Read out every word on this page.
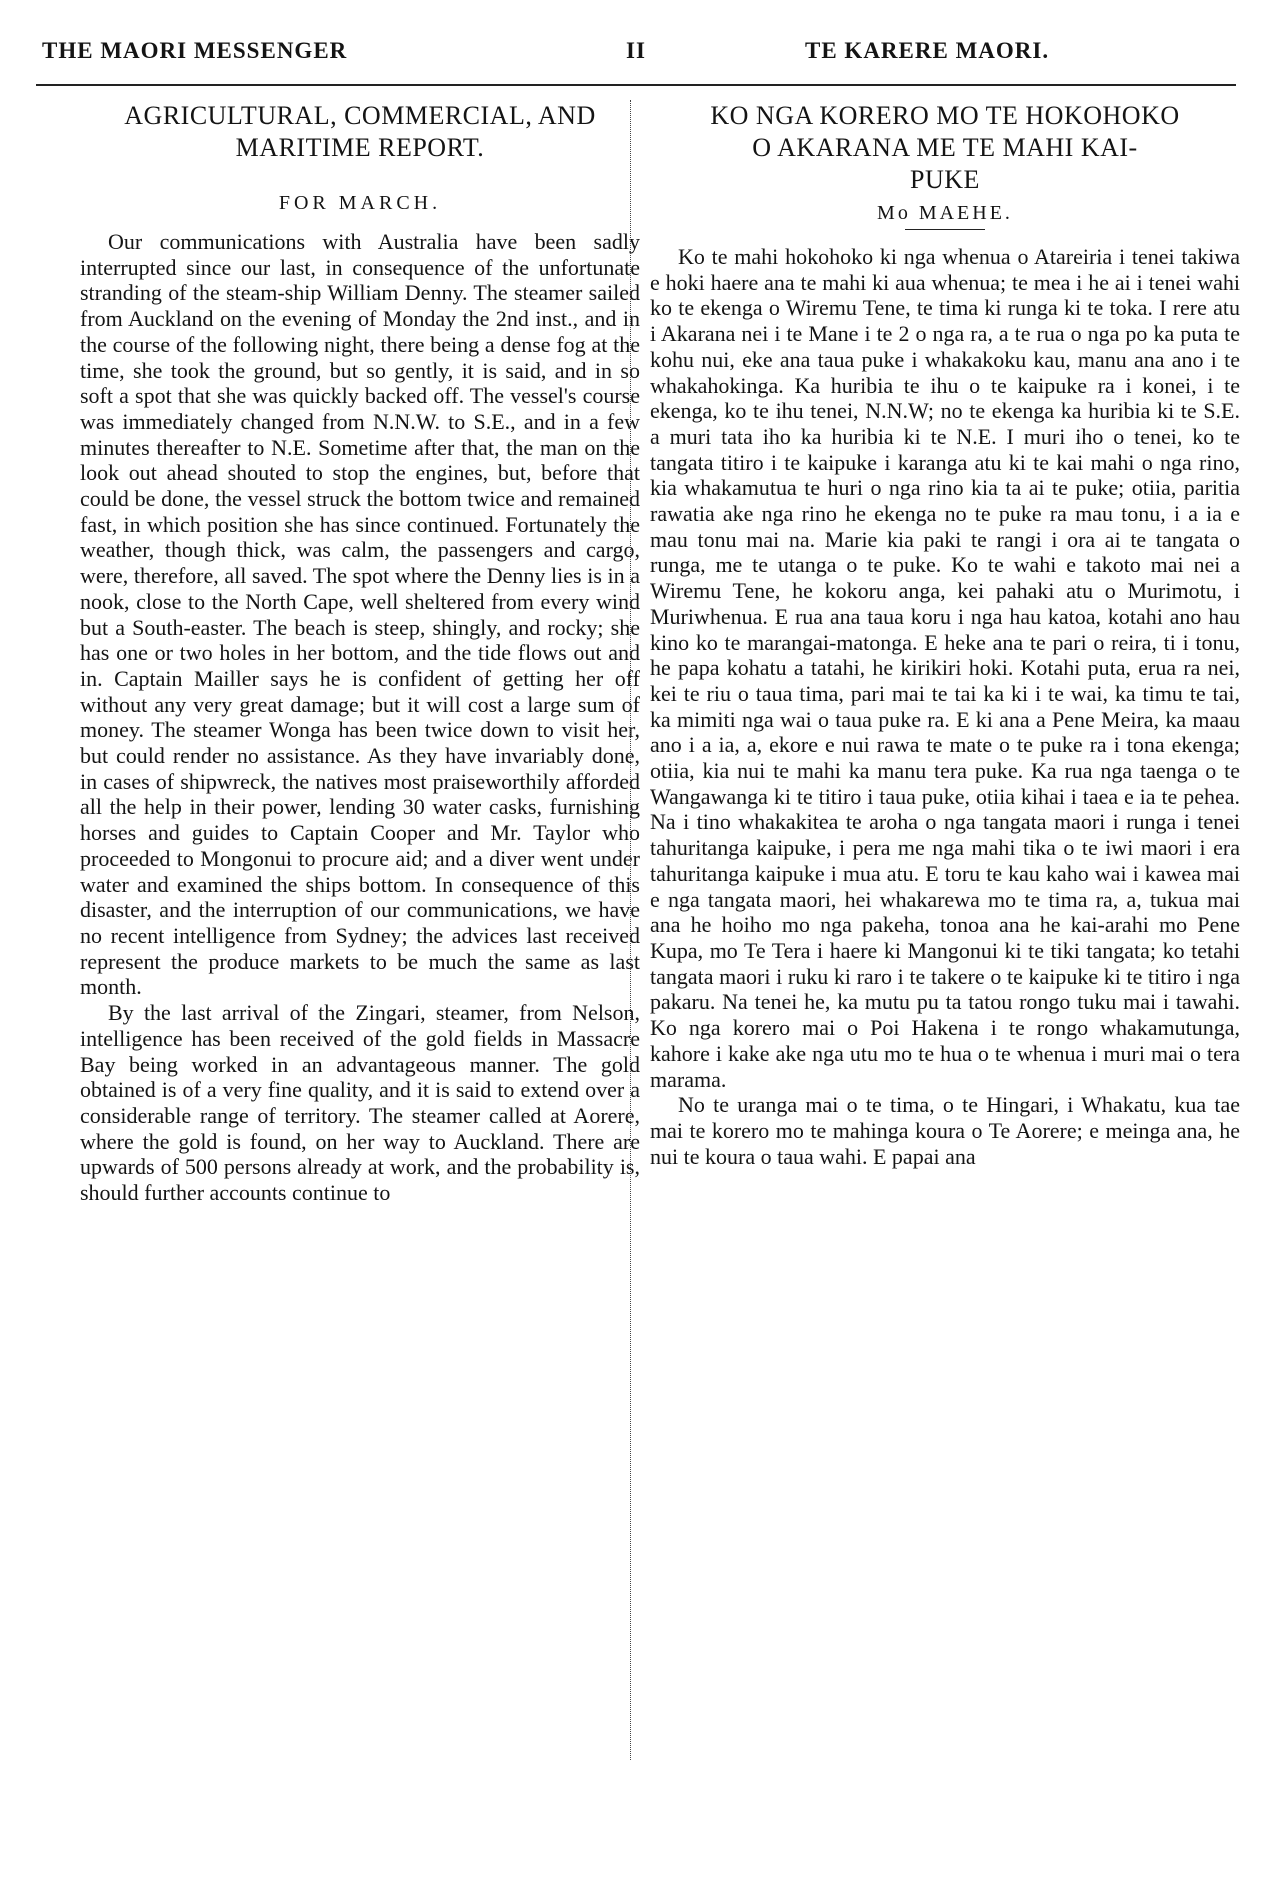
THE MAORI MESSENGER	II	TE KARERE MAORI.
AGRICULTURAL, COMMERCIAL, AND
MARITIME REPORT.
FOR MARCH.

Our communications with Australia have been sadly interrupted since our last, in consequence of the unfortunate stranding of the steam-ship William Denny. The steamer sailed from Auckland on the evening of Monday the 2nd inst., and in the course of the following night, there being a dense fog at the time, she took the ground, but so gently, it is said, and in so soft a spot that she was quickly backed off. The vessel's course was immediately changed from N.N.W. to S.E., and in a few minutes thereafter to N.E. Sometime after that, the man on the look out ahead shouted to stop the engines, but, before that could be done, the vessel struck the bottom twice and remained fast, in which position she has since continued. Fortunately the weather, though thick, was calm, the passengers and cargo, were, therefore, all saved. The spot where the Denny lies is in a nook, close to the North Cape, well sheltered from every wind but a South-easter. The beach is steep, shingly, and rocky; she has one or two holes in her bottom, and the tide flows out and in. Captain Mailler says he is confident of getting her off without any very great damage; but it will cost a large sum of money. The steamer Wonga has been twice down to visit her, but could render no assistance. As they have invariably done, in cases of shipwreck, the natives most praiseworthily afforded all the help in their power, lending 30 water casks, furnishing horses and guides to Captain Cooper and Mr. Taylor who proceeded to Mongonui to procure aid; and a diver went under water and examined the ships bottom. In consequence of this disaster, and the interruption of our communications, we have no recent intelligence from Sydney; the advices last received represent the produce markets to be much the same as last month.

By the last arrival of the Zingari, steamer, from Nelson, intelligence has been received of the gold fields in Massacre Bay being worked in an advantageous manner. The gold obtained is of a very fine quality, and it is said to extend over a considerable range of territory. The steamer called at Aorere, where the gold is found, on her way to Auckland. There are upwards of 500 persons already at work, and the probability is, should further accounts continue to

KO NGA KORERO MO TE HOKOHOKO
O AKARANA ME TE MAHI KAI-
PUKE
Mo MAEHE.

Ko te mahi hokohoko ki nga whenua o Atareiria i tenei takiwa e hoki haere ana te mahi ki aua whenua; te mea i he ai i tenei wahi ko te ekenga o Wiremu Tene, te tima ki runga ki te toka. I rere atu i Akarana nei i te Mane i te 2 o nga ra, a te rua o nga po ka puta te kohu nui, eke ana taua puke i whakakoku kau, manu ana ano i te whakahokinga. Ka huribia te ihu o te kaipuke ra i konei, i te ekenga, ko te ihu tenei, N.N.W; no te ekenga ka huribia ki te S.E. a muri tata iho ka huribia ki te N.E. I muri iho o tenei, ko te tangata titiro i te kaipuke i karanga atu ki te kai mahi o nga rino, kia whakamutua te huri o nga rino kia ta ai te puke; otiia, paritia rawatia ake nga rino he ekenga no te puke ra mau tonu, i a ia e mau tonu mai na. Marie kia paki te rangi i ora ai te tangata o runga, me te utanga o te puke. Ko te wahi e takoto mai nei a Wiremu Tene, he kokoru anga, kei pahaki atu o Murimotu, i Muriwhenua. E rua ana taua koru i nga hau katoa, kotahi ano hau kino ko te marangai-matonga. E heke ana te pari o reira, ti i tonu, he papa kohatu a tatahi, he kirikiri hoki. Kotahi puta, erua ra nei, kei te riu o taua tima, pari mai te tai ka ki i te wai, ka timu te tai, ka mimiti nga wai o taua puke ra. E ki ana a Pene Meira, ka maau ano i a ia, a, ekore e nui rawa te mate o te puke ra i tona ekenga; otiia, kia nui te mahi ka manu tera puke. Ka rua nga taenga o te Wangawanga ki te titiro i taua puke, otiia kihai i taea e ia te pehea. Na i tino whakakitea te aroha o nga tangata maori i runga i tenei tahuritanga kaipuke, i pera me nga mahi tika o te iwi maori i era tahuritanga kaipuke i mua atu. E toru te kau kaho wai i kawea mai e nga tangata maori, hei whakarewa mo te tima ra, a, tukua mai ana he hoiho mo nga pakeha, tonoa ana he kai-arahi mo Pene Kupa, mo Te Tera i haere ki Mangonui ki te tiki tangata; ko tetahi tangata maori i ruku ki raro i te takere o te kaipuke ki te titiro i nga pakaru. Na tenei he, ka mutu pu ta tatou rongo tuku mai i tawahi. Ko nga korero mai o Poi Hakena i te rongo whakamutunga, kahore i kake ake nga utu mo te hua o te whenua i muri mai o tera marama.

No te uranga mai o te tima, o te Hingari, i Whakatu, kua tae mai te korero mo te mahinga koura o Te Aorere; e meinga ana, he nui te koura o taua wahi. E papai ana
